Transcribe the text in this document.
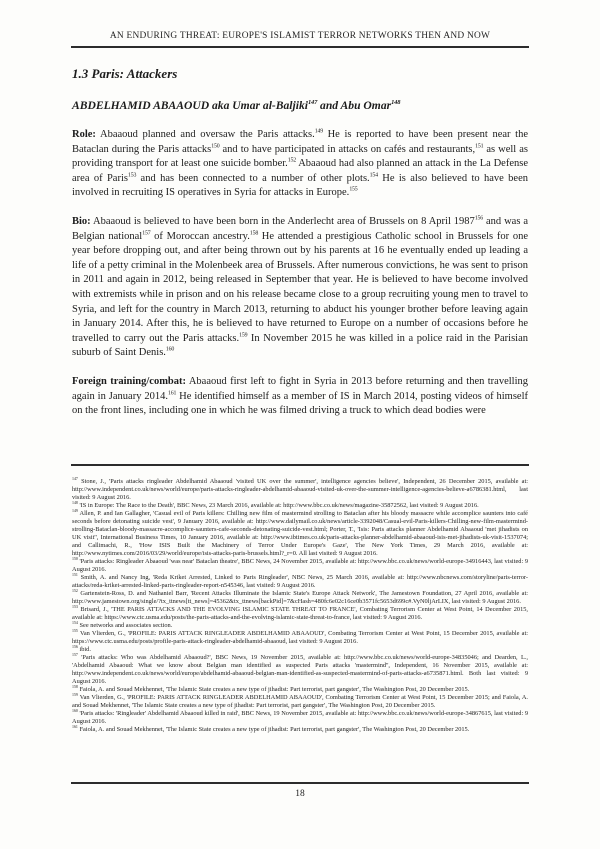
AN ENDURING THREAT: EUROPE'S ISLAMIST TERROR NETWORKS THEN AND NOW
1.3 Paris: Attackers
ABDELHAMID ABAAOUD aka Umar al-Baljiki$^{147}$ and Abu Omar$^{148}$

Role: Abaaoud planned and oversaw the Paris attacks.$^{149}$ He is reported to have been present near the Bataclan during the Paris attacks$^{150}$ and to have participated in attacks on cafés and restaurants,$^{151}$ as well as providing transport for at least one suicide bomber.$^{152}$ Abaaoud had also planned an attack in the La Defense area of Paris$^{153}$ and has been connected to a number of other plots.$^{154}$ He is also believed to have been involved in recruiting IS operatives in Syria for attacks in Europe.$^{155}$

Bio: Abaaoud is believed to have been born in the Anderlecht area of Brussels on 8 April 1987$^{156}$ and was a Belgian national$^{157}$ of Moroccan ancestry.$^{158}$ He attended a prestigious Catholic school in Brussels for one year before dropping out, and after being thrown out by his parents at 16 he eventually ended up leading a life of a petty criminal in the Molenbeek area of Brussels. After numerous convictions, he was sent to prison in 2011 and again in 2012, being released in September that year. He is believed to have become involved with extremists while in prison and on his release became close to a group recruiting young men to travel to Syria, and left for the country in March 2013, returning to abduct his younger brother before leaving again in January 2014. After this, he is believed to have returned to Europe on a number of occasions before he travelled to carry out the Paris attacks.$^{159}$ In November 2015 he was killed in a police raid in the Parisian suburb of Saint Denis.$^{160}$

Foreign training/combat: Abaaoud first left to fight in Syria in 2013 before returning and then travelling again in January 2014.$^{161}$ He identified himself as a member of IS in March 2014, posting videos of himself on the front lines, including one in which he was filmed driving a truck to which dead bodies were

$^{147}$ Stone, J., 'Paris attacks ringleader Abdelhamid Abaaoud 'visited UK over the summer', intelligence agencies believe', Independent, 26 December 2015, available at: http://www.independent.co.uk/news/world/europe/paris-attacks-ringleader-abdelhamid-abaaoud-visited-uk-over-the-summer-intelligence-agencies-believe-a6786381.html, last visited: 9 August 2016.
$^{148}$ 'IS in Europe: The Race to the Death', BBC News, 23 March 2016, available at: http://www.bbc.co.uk/news/magazine-35872562, last visited: 9 August 2016.
$^{149}$ Allen, P. and Ian Gallagher, 'Casual evil of Paris killers: Chilling new film of mastermind strolling to Bataclan after his bloody massacre while accomplice saunters into café seconds before detonating suicide vest', 9 January 2016, available at: http://www.dailymail.co.uk/news/article-3392048/Casual-evil-Paris-killers-Chilling-new-film-mastermind-strolling-Bataclan-bloody-massacre-accomplice-saunters-cafe-seconds-detonating-suicide-vest.html; Porter, T., 'Isis: Paris attacks planner Abdelhamid Abaaoud 'met jihadists on UK visit'', International Business Times, 10 January 2016, available at: http://www.ibtimes.co.uk/paris-attacks-planner-abdelhamid-abaaoud-isis-met-jihadists-uk-visit-1537074; and Callimachi, R., 'How ISIS Built the Machinery of Terror Under Europe's Gaze', The New York Times, 29 March 2016, available at: http://www.nytimes.com/2016/03/29/world/europe/isis-attacks-paris-brussels.html?_r=0. All last visited: 9 August 2016.
$^{150}$ 'Paris attacks: Ringleader Abaaoud 'was near' Bataclan theatre', BBC News, 24 November 2015, available at: http://www.bbc.co.uk/news/world-europe-34916443, last visited: 9 August 2016.
$^{151}$ Smith, A. and Nancy Ing, 'Reda Kriket Arrested, Linked to Paris Ringleader', NBC News, 25 March 2016, available at: http://www.nbcnews.com/storyline/paris-terror-attacks/reda-kriket-arrested-linked-paris-ringleader-report-n545346, last visited: 9 August 2016.
$^{152}$ Gartenstein-Ross, D. and Nathaniel Barr, 'Recent Attacks Illuminate the Islamic State's Europe Attack Network', The Jamestown Foundation, 27 April 2016, available at: http://www.jamestown.org/single/?tx_ttnews[tt_news]=45362&tx_ttnews[backPid]=7&cHash=480fc6e02c16ce0b3571fc5653d699c#.VyN0ljArLIX, last visited: 9 August 2016.
$^{153}$ Brisard, J., 'THE PARIS ATTACKS AND THE EVOLVING ISLAMIC STATE THREAT TO FRANCE', Combating Terrorism Center at West Point, 14 December 2015, available at: https://www.ctc.usma.edu/posts/the-paris-attacks-and-the-evolving-islamic-state-threat-to-france, last visited: 9 August 2016.
$^{154}$ See networks and associates section.
$^{155}$ Van Vlierden, G., 'PROFILE: PARIS ATTACK RINGLEADER ABDELHAMID ABAAOUD', Combating Terrorism Center at West Point, 15 December 2015, available at: https://www.ctc.usma.edu/posts/profile-paris-attack-ringleader-abdelhamid-abaaoud, last visited: 9 August 2016.
$^{156}$ ibid.
$^{157}$ 'Paris attacks: Who was Abdelhamid Abaaoud?', BBC News, 19 November 2015, available at: http://www.bbc.co.uk/news/world-europe-34835046; and Dearden, L., 'Abdelhamid Abaaoud: What we know about Belgian man identified as suspected Paris attacks 'mastermind'', Independent, 16 November 2015, available at: http://www.independent.co.uk/news/world/europe/abdelhamid-abaaoud-belgian-man-identified-as-suspected-mastermind-of-paris-attacks-a6735871.html. Both last visited: 9 August 2016.
$^{158}$ Faiola, A. and Souad Mekhennet, 'The Islamic State creates a new type of jihadist: Part terrorist, part gangster', The Washington Post, 20 December 2015.
$^{159}$ Van Vlierden, G., 'PROFILE: PARIS ATTACK RINGLEADER ABDELHAMID ABAAOUD', Combating Terrorism Center at West Point, 15 December 2015; and Faiola, A. and Souad Mekhennet, 'The Islamic State creates a new type of jihadist: Part terrorist, part gangster', The Washington Post, 20 December 2015.
$^{160}$ 'Paris attacks: 'Ringleader' Abdelhamid Abaaoud killed in raid', BBC News, 19 November 2015, available at: http://www.bbc.co.uk/news/world-europe-34867615, last visited: 9 August 2016.
$^{161}$ Faiola, A. and Souad Mekhennet, 'The Islamic State creates a new type of jihadist: Part terrorist, part gangster', The Washington Post, 20 December 2015.
18
